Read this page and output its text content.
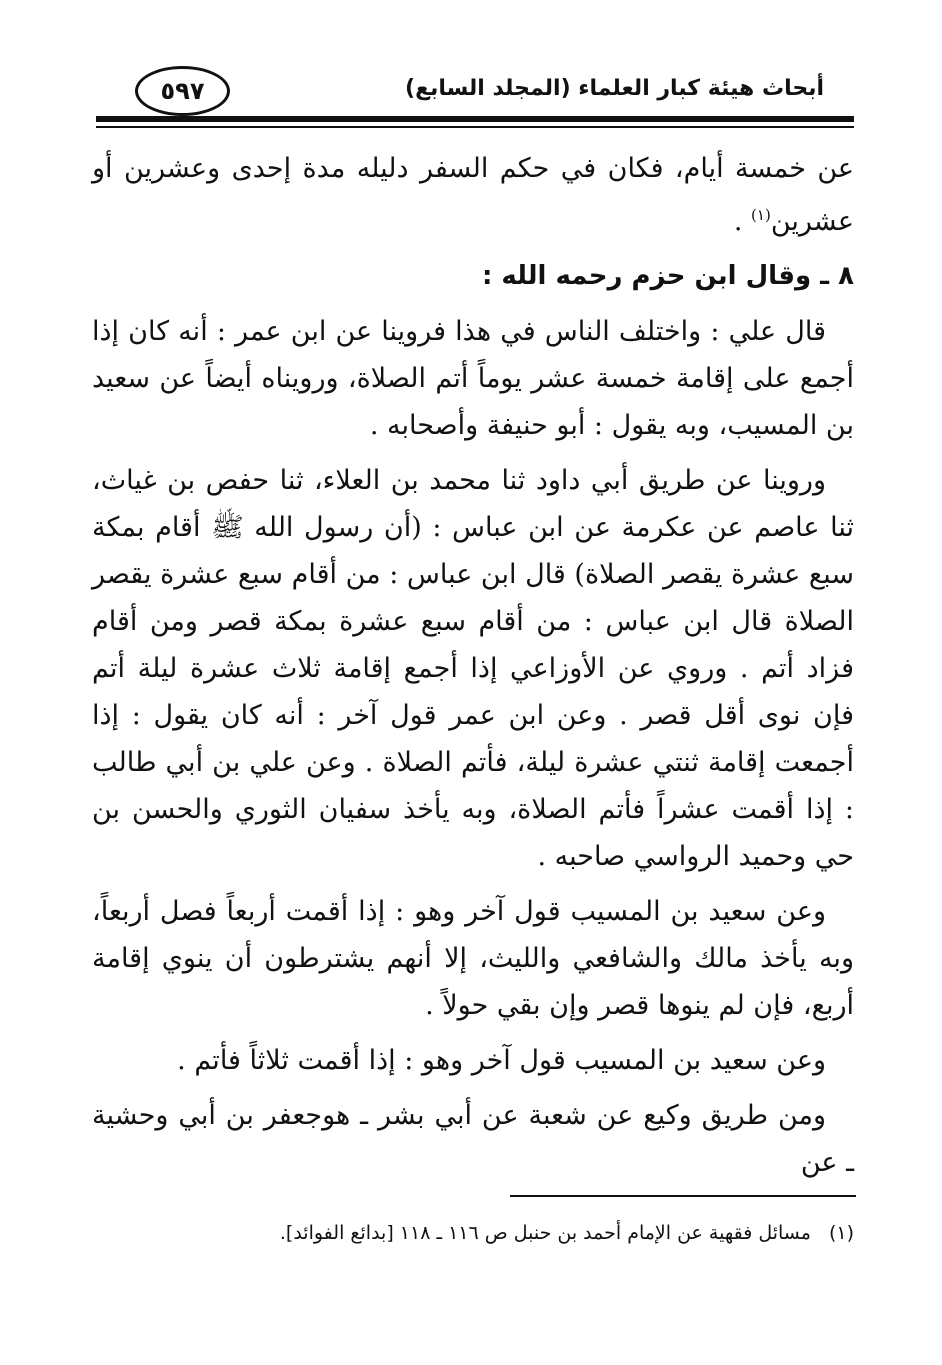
أبحاث هيئة كبار العلماء (المجلد السابع)
٥٩٧

عن خمسة أيام، فكان في حكم السفر دليله مدة إحدى وعشرين أو عشرين$^{(١)}$ .

٨ ـ وقال ابن حزم رحمه الله :

قال علي : واختلف الناس في هذا فروينا عن ابن عمر : أنه كان إذا أجمع على إقامة خمسة عشر يوماً أتم الصلاة، ورويناه أيضاً عن سعيد بن المسيب، وبه يقول : أبو حنيفة وأصحابه .

وروينا عن طريق أبي داود ثنا محمد بن العلاء، ثنا حفص بن غياث، ثنا عاصم عن عكرمة عن ابن عباس : (أن رسول الله ﷺ أقام بمكة سبع عشرة يقصر الصلاة) قال ابن عباس : من أقام سبع عشرة يقصر الصلاة قال ابن عباس : من أقام سبع عشرة بمكة قصر ومن أقام فزاد أتم . وروي عن الأوزاعي إذا أجمع إقامة ثلاث عشرة ليلة أتم فإن نوى أقل قصر . وعن ابن عمر قول آخر : أنه كان يقول : إذا أجمعت إقامة ثنتي عشرة ليلة، فأتم الصلاة . وعن علي بن أبي طالب : إذا أقمت عشراً فأتم الصلاة، وبه يأخذ سفيان الثوري والحسن بن حي وحميد الرواسي صاحبه .

وعن سعيد بن المسيب قول آخر وهو : إذا أقمت أربعاً فصل أربعاً، وبه يأخذ مالك والشافعي والليث، إلا أنهم يشترطون أن ينوي إقامة أربع، فإن لم ينوها قصر وإن بقي حولاً .

وعن سعيد بن المسيب قول آخر وهو : إذا أقمت ثلاثاً فأتم .

ومن طريق وكيع عن شعبة عن أبي بشر ـ هوجعفر بن أبي وحشية ـ عن

(١)مسائل فقهية عن الإمام أحمد بن حنبل ص ١١٦ ـ ١١٨ [بدائع الفوائد].
